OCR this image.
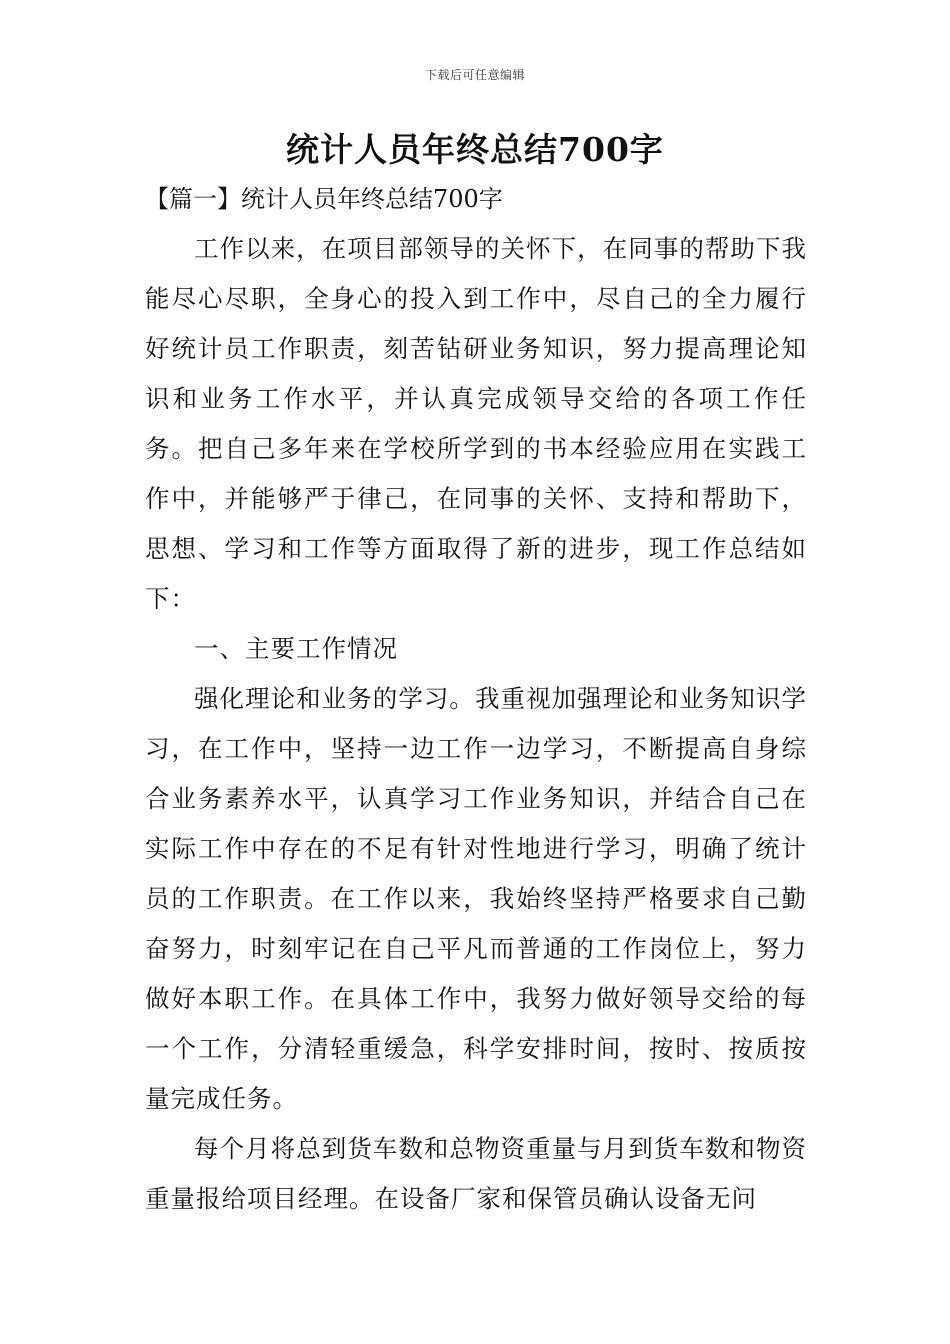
下载后可任意编辑
统计人员年终总结700字

【篇一】统计人员年终总结700字

工作以来，在项目部领导的关怀下，在同事的帮助下我能尽心尽职，全身心的投入到工作中，尽自己的全力履行好统计员工作职责，刻苦钻研业务知识，努力提高理论知识和业务工作水平，并认真完成领导交给的各项工作任务。把自己多年来在学校所学到的书本经验应用在实践工作中，并能够严于律己，在同事的关怀、支持和帮助下，思想、学习和工作等方面取得了新的进步，现工作总结如下：

一、主要工作情况

强化理论和业务的学习。我重视加强理论和业务知识学习，在工作中，坚持一边工作一边学习，不断提高自身综合业务素养水平，认真学习工作业务知识，并结合自己在实际工作中存在的不足有针对性地进行学习，明确了统计员的工作职责。在工作以来，我始终坚持严格要求自己勤奋努力，时刻牢记在自己平凡而普通的工作岗位上，努力做好本职工作。在具体工作中，我努力做好领导交给的每一个工作，分清轻重缓急，科学安排时间，按时、按质按量完成任务。

每个月将总到货车数和总物资重量与月到货车数和物资重量报给项目经理。在设备厂家和保管员确认设备无问
